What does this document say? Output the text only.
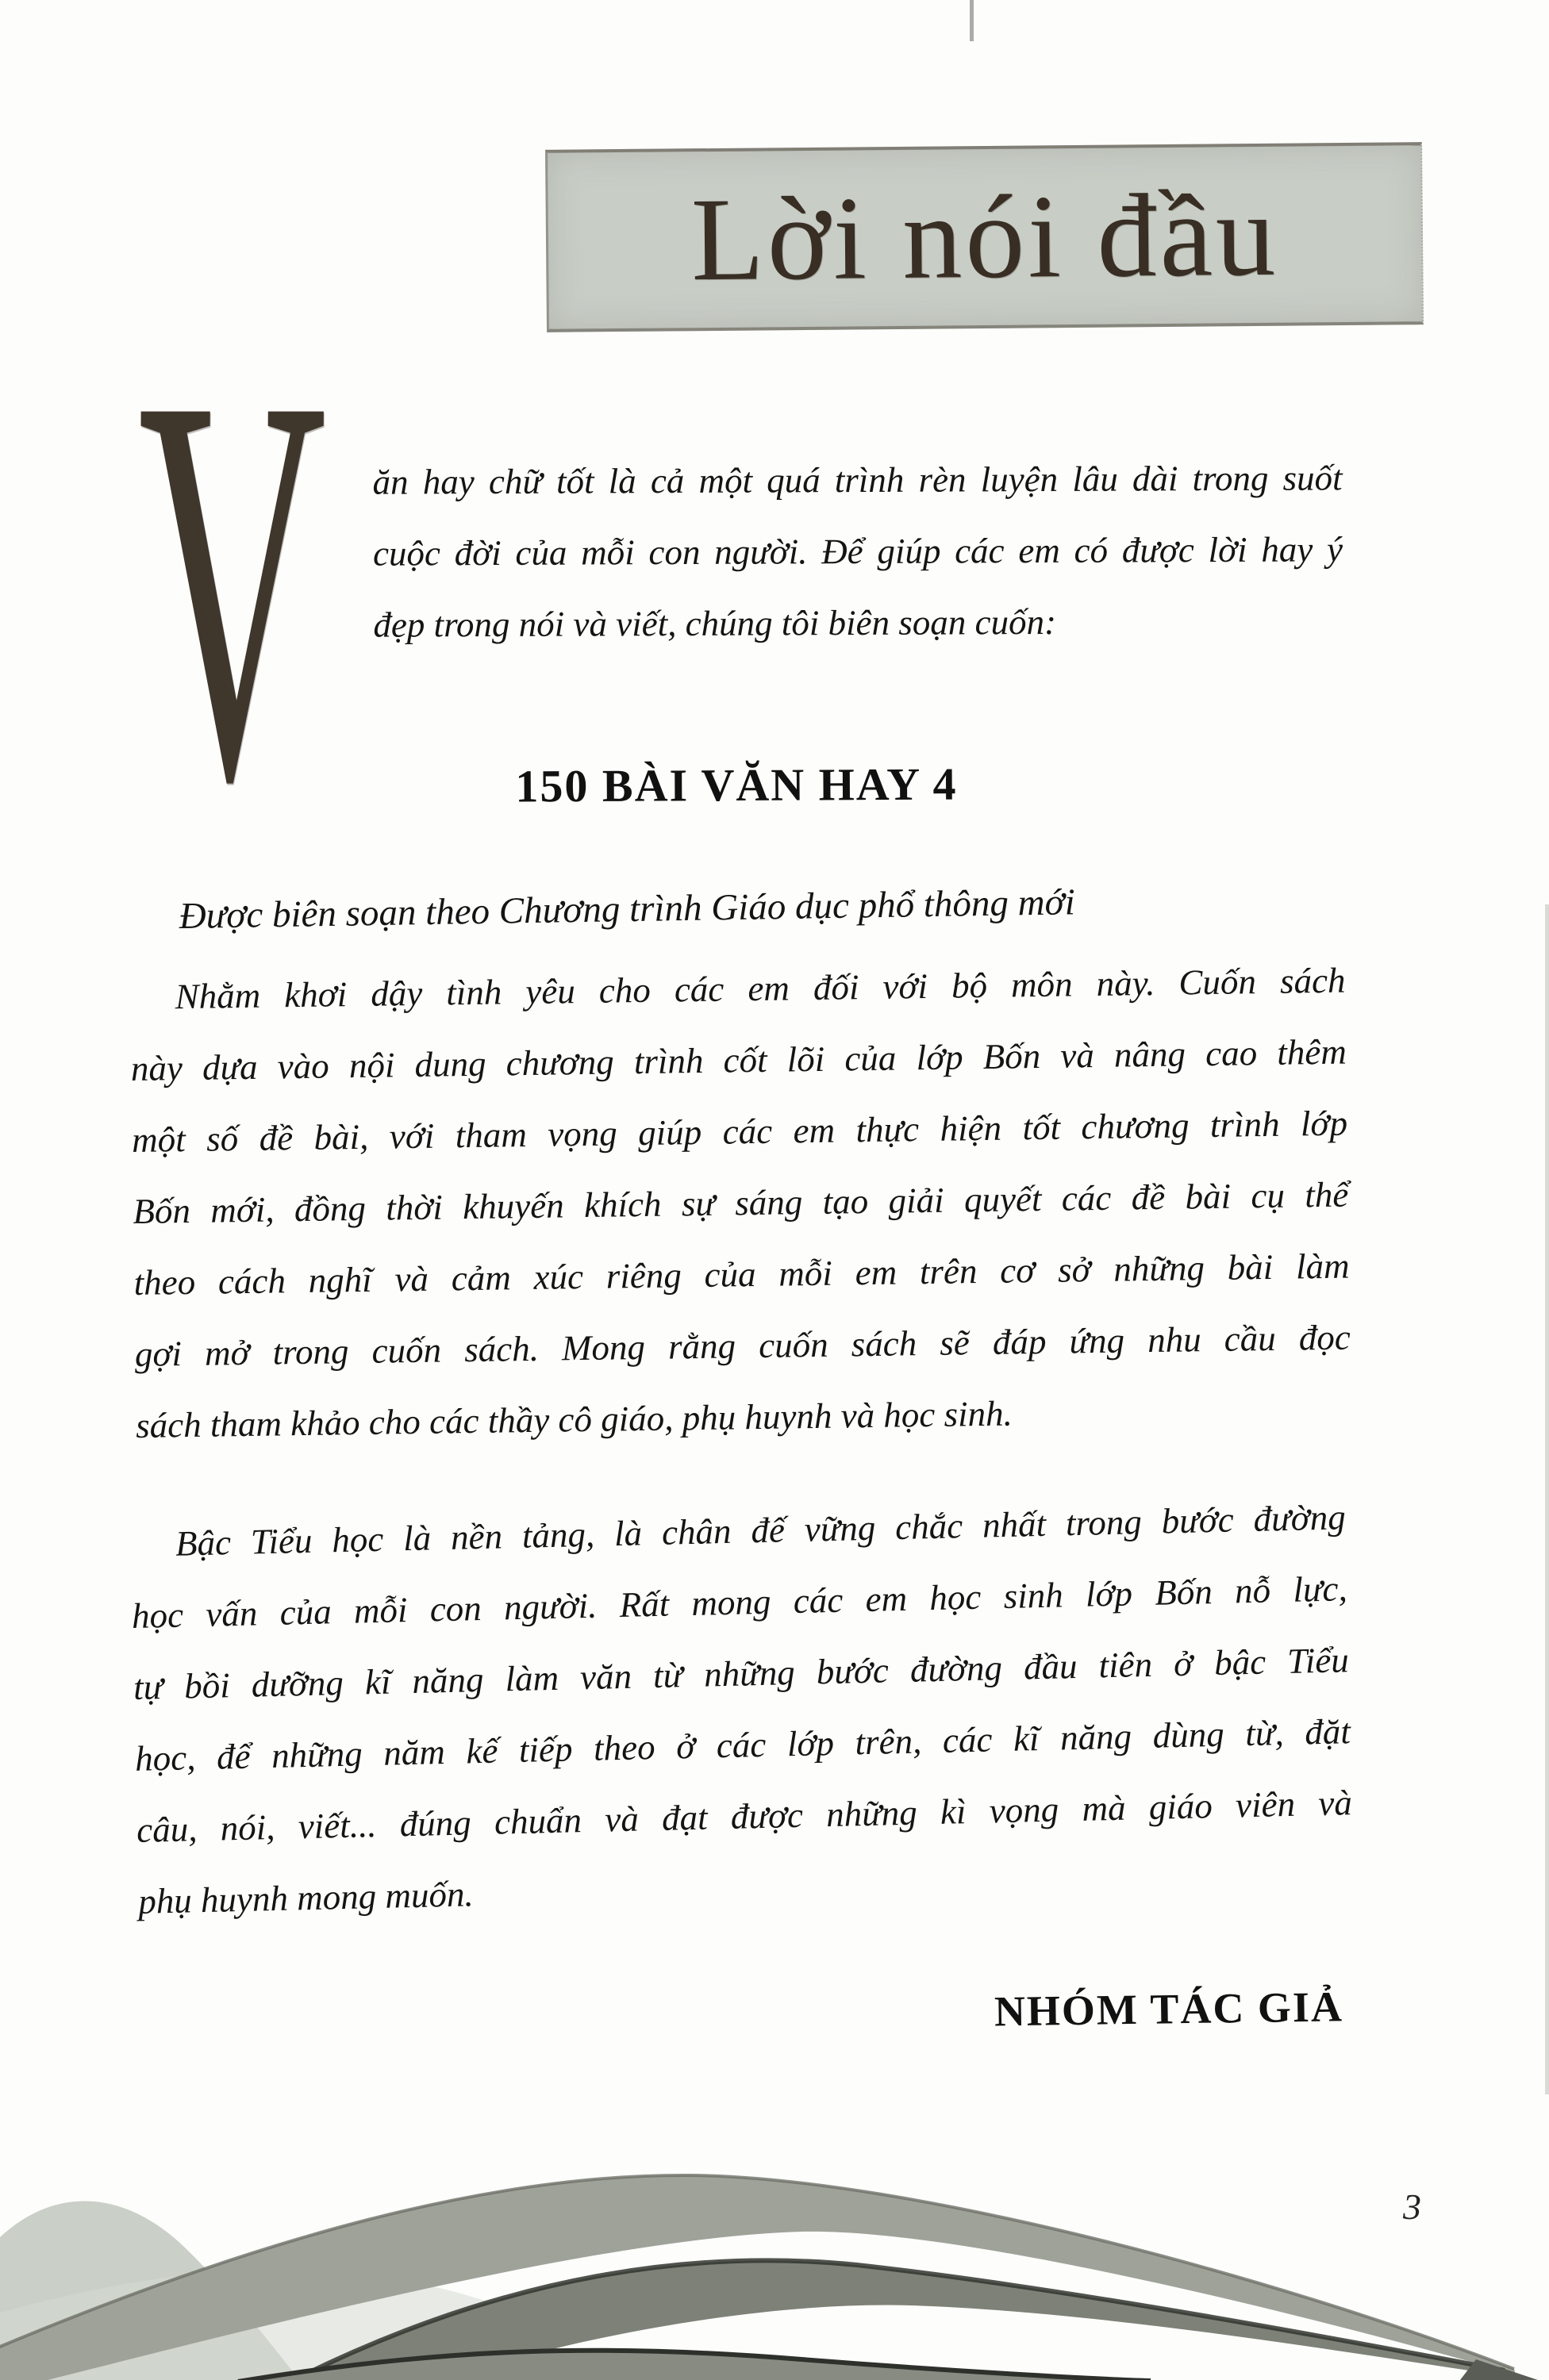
Lời nói đầu
V ăn hay chữ tốt là cả một quá trình rèn luyện lâu dài trong suốt
cuộc đời của mỗi con người. Để giúp các em có được lời hay ý
đẹp trong nói và viết, chúng tôi biên soạn cuốn:
150 BÀI VĂN HAY 4
Được biên soạn theo Chương trình Giáo dục phổ thông mới
Nhằm khơi dậy tình yêu cho các em đối với bộ môn này. Cuốn sách
này dựa vào nội dung chương trình cốt lõi của lớp Bốn và nâng cao thêm
một số đề bài, với tham vọng giúp các em thực hiện tốt chương trình lớp
Bốn mới, đồng thời khuyến khích sự sáng tạo giải quyết các đề bài cụ thể
theo cách nghĩ và cảm xúc riêng của mỗi em trên cơ sở những bài làm
gợi mở trong cuốn sách. Mong rằng cuốn sách sẽ đáp ứng nhu cầu đọc
sách tham khảo cho các thầy cô giáo, phụ huynh và học sinh.
Bậc Tiểu học là nền tảng, là chân đế vững chắc nhất trong bước đường
học vấn của mỗi con người. Rất mong các em học sinh lớp Bốn nỗ lực,
tự bồi dưỡng kĩ năng làm văn từ những bước đường đầu tiên ở bậc Tiểu
học, để những năm kế tiếp theo ở các lớp trên, các kĩ năng dùng từ, đặt
câu, nói, viết... đúng chuẩn và đạt được những kì vọng mà giáo viên và
phụ huynh mong muốn.
NHÓM TÁC GIẢ
3
